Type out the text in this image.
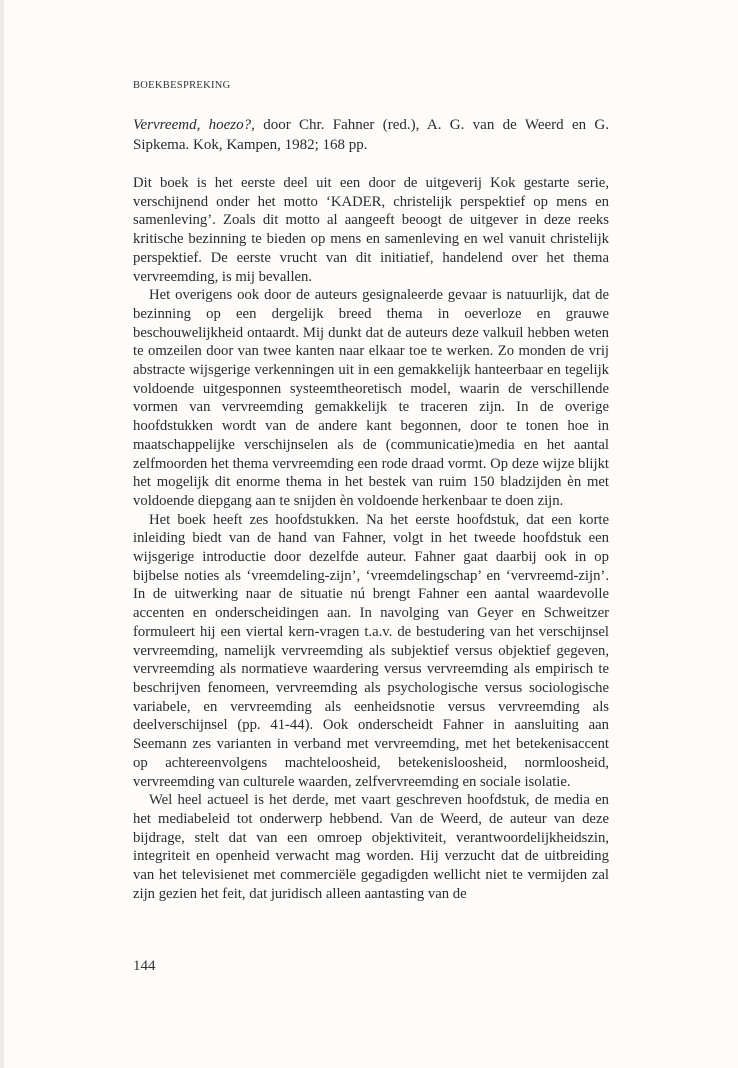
BOEKBESPREKING
Vervreemd, hoezo?, door Chr. Fahner (red.), A. G. van de Weerd en G. Sipkema. Kok, Kampen, 1982; 168 pp.

Dit boek is het eerste deel uit een door de uitgeverij Kok gestarte serie, verschijnend onder het motto ‘KADER, christelijk perspektief op mens en samenleving’. Zoals dit motto al aangeeft beoogt de uitgever in deze reeks kritische bezinning te bieden op mens en samenleving en wel vanuit christelijk perspektief. De eerste vrucht van dit initiatief, handelend over het thema vervreemding, is mij bevallen.

Het overigens ook door de auteurs gesignaleerde gevaar is natuurlijk, dat de bezinning op een dergelijk breed thema in oeverloze en grauwe beschouwelijkheid ontaardt. Mij dunkt dat de auteurs deze valkuil hebben weten te omzeilen door van twee kanten naar elkaar toe te werken. Zo monden de vrij abstracte wijsgerige verkenningen uit in een gemakkelijk hanteerbaar en tegelijk voldoende uitgesponnen systeemtheoretisch model, waarin de verschillende vormen van vervreemding gemakkelijk te traceren zijn. In de overige hoofdstukken wordt van de andere kant begonnen, door te tonen hoe in maatschappelijke verschijnselen als de (communicatie)media en het aantal zelfmoorden het thema vervreemding een rode draad vormt. Op deze wijze blijkt het mogelijk dit enorme thema in het bestek van ruim 150 bladzijden èn met voldoende diepgang aan te snijden èn voldoende herkenbaar te doen zijn.

Het boek heeft zes hoofdstukken. Na het eerste hoofdstuk, dat een korte inleiding biedt van de hand van Fahner, volgt in het tweede hoofdstuk een wijsgerige introductie door dezelfde auteur. Fahner gaat daarbij ook in op bijbelse noties als ‘vreemdeling-zijn’, ‘vreemdelingschap’ en ‘vervreemd-zijn’. In de uitwerking naar de situatie nú brengt Fahner een aantal waardevolle accenten en onderscheidingen aan. In navolging van Geyer en Schweitzer formuleert hij een viertal kern-vragen t.a.v. de bestudering van het verschijnsel vervreemding, namelijk vervreemding als subjektief versus objektief gegeven, vervreemding als normatieve waardering versus vervreemding als empirisch te beschrijven fenomeen, vervreemding als psychologische versus sociologische variabele, en vervreemding als eenheidsnotie versus vervreemding als deelverschijnsel (pp. 41-44). Ook onderscheidt Fahner in aansluiting aan Seemann zes varianten in verband met vervreemding, met het betekenisaccent op achtereenvolgens machteloosheid, betekenisloosheid, normloosheid, vervreemding van culturele waarden, zelfvervreemding en sociale isolatie.

Wel heel actueel is het derde, met vaart geschreven hoofdstuk, de media en het mediabeleid tot onderwerp hebbend. Van de Weerd, de auteur van deze bijdrage, stelt dat van een omroep objektiviteit, verantwoordelijkheidszin, integriteit en openheid verwacht mag worden. Hij verzucht dat de uitbreiding van het televisienet met commerciële gegadigden wellicht niet te vermijden zal zijn gezien het feit, dat juridisch alleen aantasting van de

144
